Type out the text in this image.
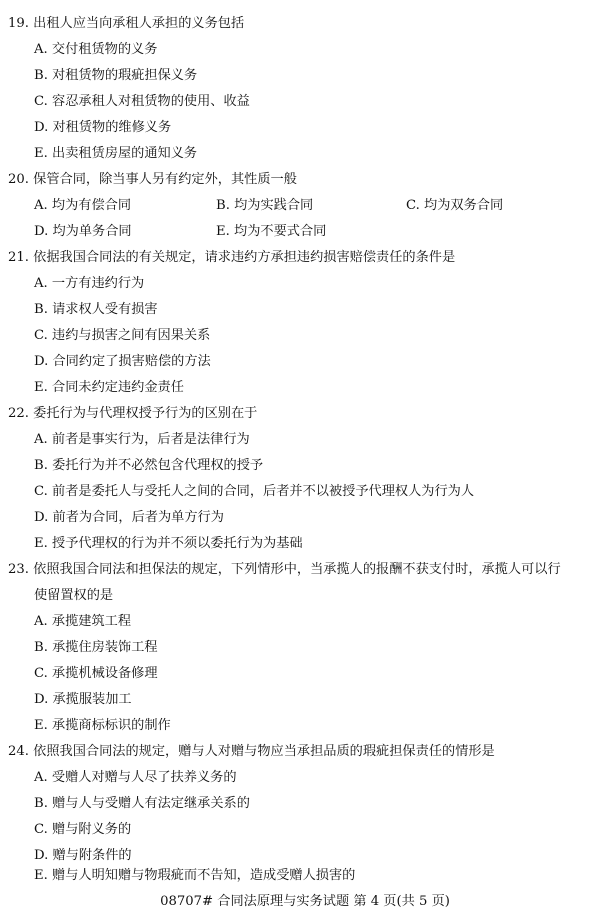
19. 出租人应当向承租人承担的义务包括
A. 交付租赁物的义务
B. 对租赁物的瑕疵担保义务
C. 容忍承租人对租赁物的使用、收益
D. 对租赁物的维修义务
E. 出卖租赁房屋的通知义务
20. 保管合同，除当事人另有约定外，其性质一般
A. 均为有偿合同	B. 均为实践合同	C. 均为双务合同
D. 均为单务合同	E. 均为不要式合同
21. 依据我国合同法的有关规定，请求违约方承担违约损害赔偿责任的条件是
A. 一方有违约行为
B. 请求权人受有损害
C. 违约与损害之间有因果关系
D. 合同约定了损害赔偿的方法
E. 合同未约定违约金责任
22. 委托行为与代理权授予行为的区别在于
A. 前者是事实行为，后者是法律行为
B. 委托行为并不必然包含代理权的授予
C. 前者是委托人与受托人之间的合同，后者并不以被授予代理权人为行为人
D. 前者为合同，后者为单方行为
E. 授予代理权的行为并不须以委托行为为基础
23. 依照我国合同法和担保法的规定，下列情形中，当承揽人的报酬不获支付时，承揽人可以行
使留置权的是
A. 承揽建筑工程
B. 承揽住房装饰工程
C. 承揽机械设备修理
D. 承揽服装加工
E. 承揽商标标识的制作
24. 依照我国合同法的规定，赠与人对赠与物应当承担品质的瑕疵担保责任的情形是
A. 受赠人对赠与人尽了扶养义务的
B. 赠与人与受赠人有法定继承关系的
C. 赠与附义务的
D. 赠与附条件的
E. 赠与人明知赠与物瑕疵而不告知，造成受赠人损害的
08707# 合同法原理与实务试题 第 4 页(共 5 页)
